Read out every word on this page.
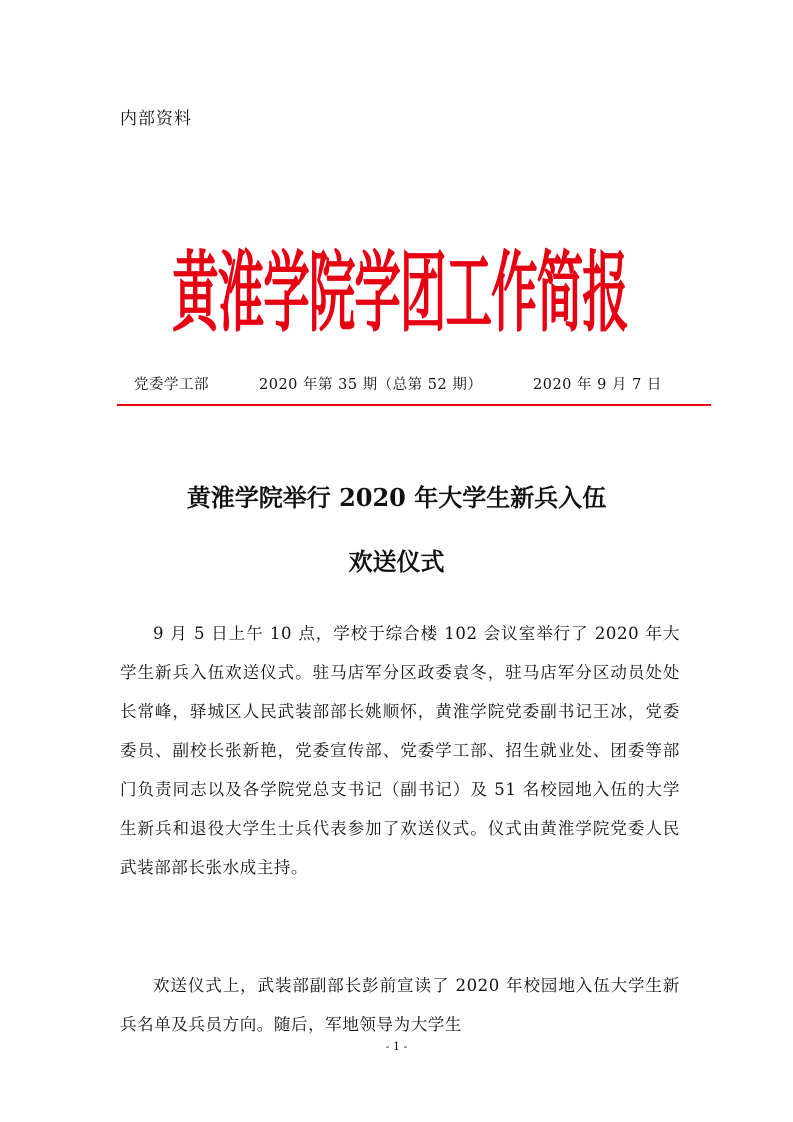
内部资料
黄淮学院学团工作简报
党委学工部	2020 年第 35 期（总第 52 期）	2020 年 9 月 7 日
黄淮学院举行 2020 年大学生新兵入伍
欢送仪式
9 月 5 日上午 10 点，学校于综合楼 102 会议室举行了 2020 年大学生新兵入伍欢送仪式。驻马店军分区政委袁冬，驻马店军分区动员处处长常峰，驿城区人民武装部部长姚顺怀，黄淮学院党委副书记王冰，党委委员、副校长张新艳，党委宣传部、党委学工部、招生就业处、团委等部门负责同志以及各学院党总支书记（副书记）及 51 名校园地入伍的大学生新兵和退役大学生士兵代表参加了欢送仪式。仪式由黄淮学院党委人民武装部部长张水成主持。
欢送仪式上，武装部副部长彭前宣读了 2020 年校园地入伍大学生新兵名单及兵员方向。随后，军地领导为大学生
- 1 -
